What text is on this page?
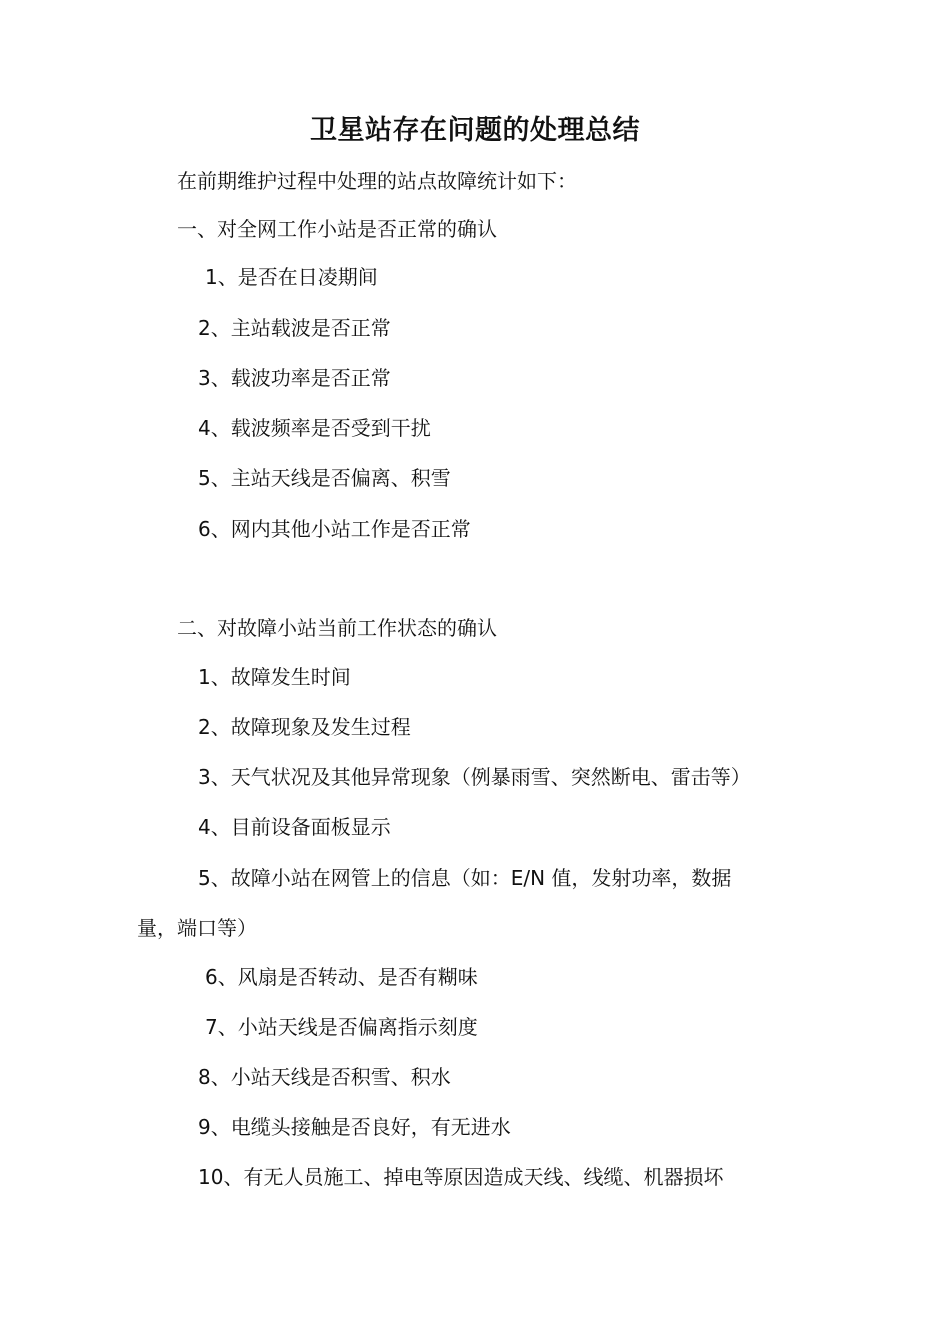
卫星站存在问题的处理总结
在前期维护过程中处理的站点故障统计如下：
一、对全网工作小站是否正常的确认
1、是否在日凌期间
2、主站载波是否正常
3、载波功率是否正常
4、载波频率是否受到干扰
5、主站天线是否偏离、积雪
6、网内其他小站工作是否正常
二、对故障小站当前工作状态的确认
1、故障发生时间
2、故障现象及发生过程
3、天气状况及其他异常现象（例暴雨雪、突然断电、雷击等）
4、目前设备面板显示
5、故障小站在网管上的信息（如：E/N 值，发射功率，数据
量，端口等）
6、风扇是否转动、是否有糊味
7、小站天线是否偏离指示刻度
8、小站天线是否积雪、积水
9、电缆头接触是否良好，有无进水
10、有无人员施工、掉电等原因造成天线、线缆、机器损坏
